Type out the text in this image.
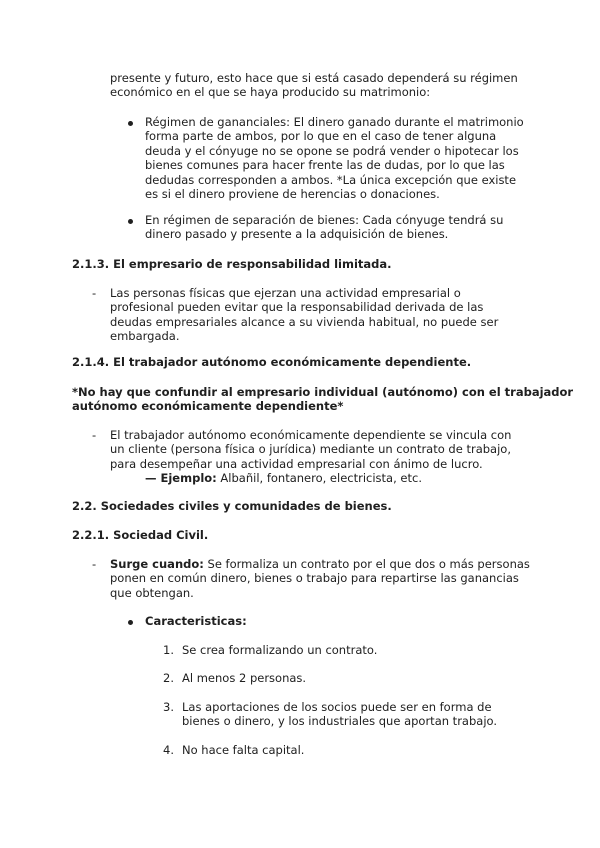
presente y futuro, esto hace que si está casado dependerá su régimen

económico en el que se haya producido su matrimonio:

Régimen de gananciales: El dinero ganado durante el matrimonio

forma parte de ambos, por lo que en el caso de tener alguna

deuda y el cónyuge no se opone se podrá vender o hipotecar los

bienes comunes para hacer frente las de dudas, por lo que las

dedudas corresponden a ambos. *La única excepción que existe

es si el dinero proviene de herencias o donaciones.

En régimen de separación de bienes: Cada cónyuge tendrá su

dinero pasado y presente a la adquisición de bienes.

2.1.3. El empresario de responsabilidad limitada.
- Las personas físicas que ejerzan una actividad empresarial o

profesional pueden evitar que la responsabilidad derivada de las

deudas empresariales alcance a su vivienda habitual, no puede ser

embargada.

2.1.4. El trabajador autónomo económicamente dependiente.

*No hay que confundir al empresario individual (autónomo) con el trabajador

autónomo económicamente dependiente*

- El trabajador autónomo económicamente dependiente se vincula con

un cliente (persona física o jurídica) mediante un contrato de trabajo,

para desempeñar una actividad empresarial con ánimo de lucro.

— Ejemplo: Albañil, fontanero, electricista, etc.
2.2. Sociedades civiles y comunidades de bienes.
2.2.1. Sociedad Civil.
- Surge cuando: Se formaliza un contrato por el que dos o más personas

ponen en común dinero, bienes o trabajo para repartirse las ganancias

que obtengan.

Caracteristicas:
1. Se crea formalizando un contrato.

2. Al menos 2 personas.

3. Las aportaciones de los socios puede ser en forma de

bienes o dinero, y los industriales que aportan trabajo.

4. No hace falta capital.
